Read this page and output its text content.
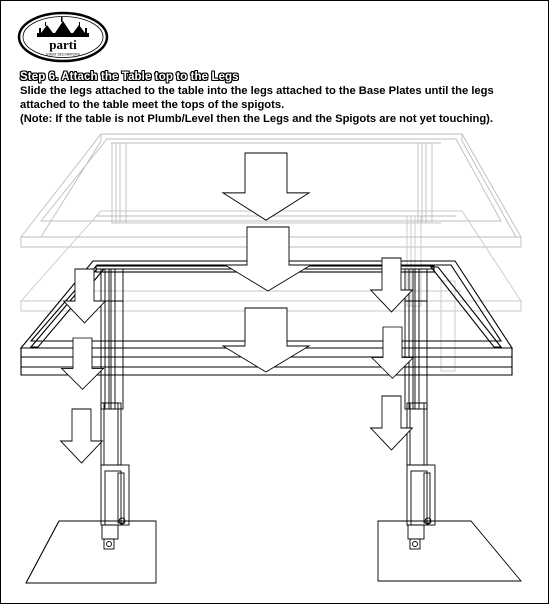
parti
EVENT DECORATORS
Step 6. Attach the Table top to the Legs

Slide the legs attached to the table into the legs attached to the Base Plates until the legs

attached to the table meet the tops of the spigots.

(Note: If the table is not Plumb/Level then the Legs and the Spigots are not yet touching).
